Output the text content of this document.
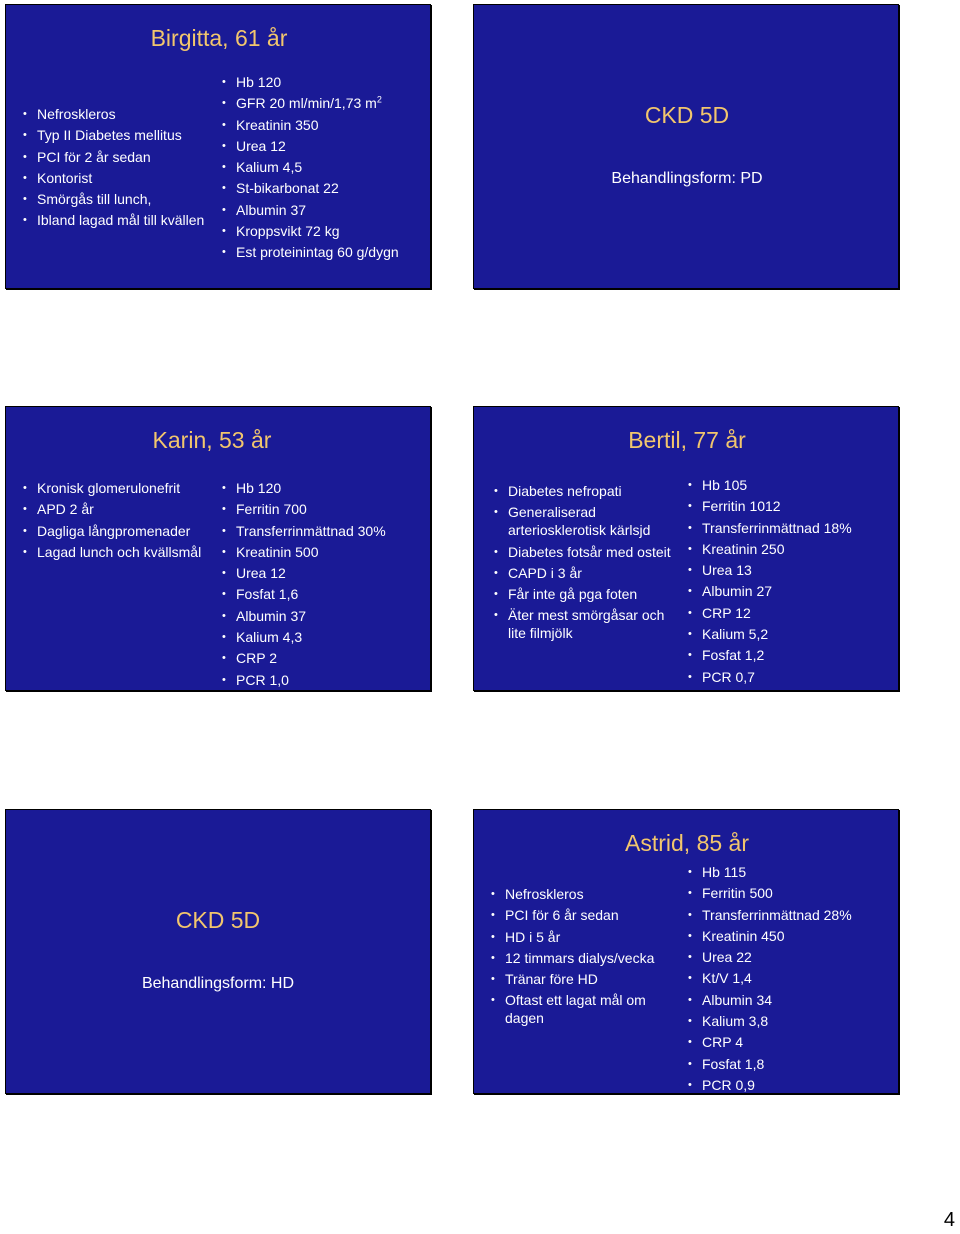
Birgitta, 61 år
• Nefroskleros
• Typ II Diabetes mellitus
• PCI för 2 år sedan
• Kontorist
• Smörgås till lunch,
• Ibland lagad mål till kvällen
• Hb 120
• GFR 20 ml/min/1,73 $m^2$
• Kreatinin 350
• Urea 12
• Kalium 4,5
• St-bikarbonat 22
• Albumin 37
• Kroppsvikt 72 kg
• Est proteinintag 60 g/dygn
CKD 5D
Behandlingsform: PD
Karin, 53 år
• Kronisk glomerulonefrit
• APD 2 år
• Dagliga långpromenader
• Lagad lunch och kvällsmål
• Hb 120
• Ferritin 700
• Transferrinmättnad 30%
• Kreatinin 500
• Urea 12
• Fosfat 1,6
• Albumin 37
• Kalium 4,3
• CRP 2
• PCR 1,0
Bertil, 77 år
• Diabetes nefropati
• Generaliserad arteriosklerotisk kärlsjd
• Diabetes fotsår med osteit
• CAPD i 3 år
• Får inte gå pga foten
• Äter mest smörgåsar och lite filmjölk
• Hb 105
• Ferritin 1012
• Transferrinmättnad 18%
• Kreatinin 250
• Urea 13
• Albumin 27
• CRP 12
• Kalium 5,2
• Fosfat 1,2
• PCR 0,7
CKD 5D
Behandlingsform: HD
Astrid, 85 år
• Nefroskleros
• PCI för 6 år sedan
• HD i 5 år
• 12 timmars dialys/vecka
• Tränar före HD
• Oftast ett lagat mål om dagen
• Hb 115
• Ferritin 500
• Transferrinmättnad 28%
• Kreatinin 450
• Urea 22
• Kt/V 1,4
• Albumin 34
• Kalium 3,8
• CRP 4
• Fosfat 1,8
• PCR 0,9
4
